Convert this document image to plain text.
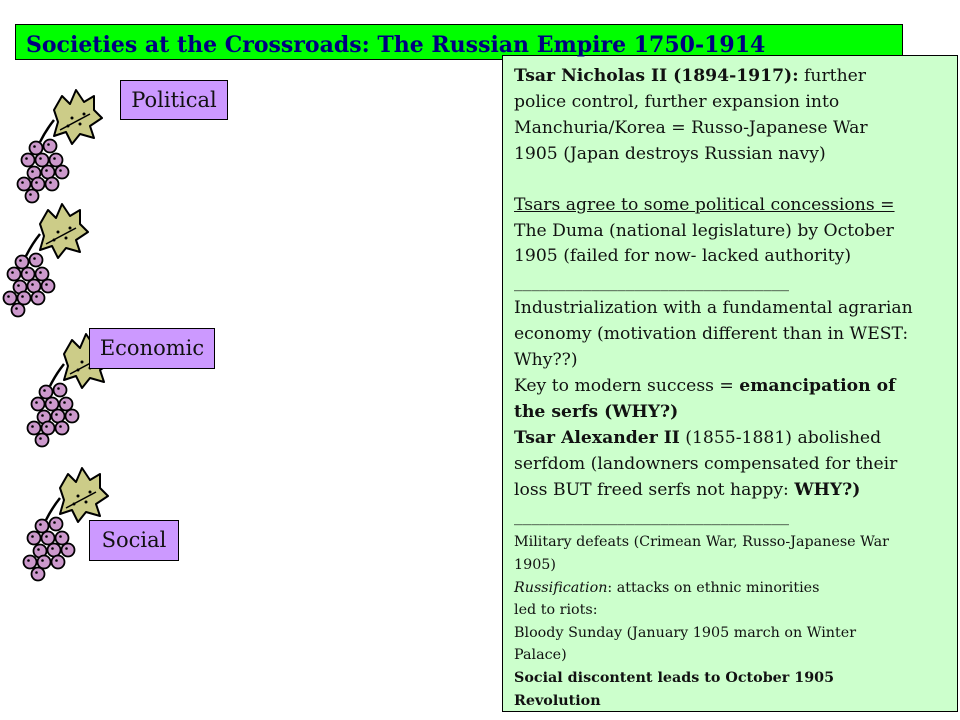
Societies at the Crossroads: The Russian Empire 1750-1914
Tsar Nicholas II (1894-1917): further
police control, further expansion into
Manchuria/Korea = Russo-Japanese War
1905 (Japan destroys Russian navy)
Tsars agree to some political concessions =
The Duma (national legislature) by October
1905 (failed for now- lacked authority)
________________________________
Industrialization with a fundamental agrarian
economy (motivation different than in WEST:
Why??)
Key to modern success = emancipation of
the serfs (WHY?)
Tsar Alexander II (1855-1881) abolished
serfdom (landowners compensated for their
loss BUT freed serfs not happy: WHY?)
________________________________
Military defeats (Crimean War, Russo-Japanese War
1905)
Russification: attacks on ethnic minorities
led to riots:
Bloody Sunday (January 1905 march on Winter
Palace)
Social discontent leads to October 1905
Revolution
Political
Economic
Social
